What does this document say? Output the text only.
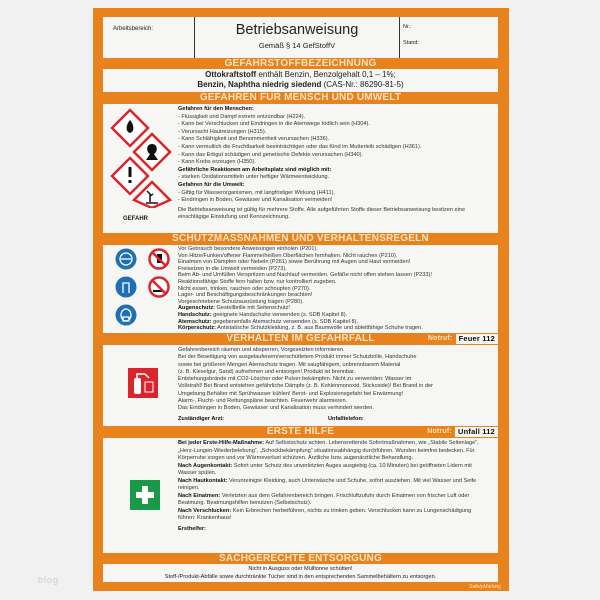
blog
Arbeitsbereich:	Betriebsanweisung
Gemäß § 14 GefStoffV
Nr.:
Stand:
GEFAHRSTOFFBEZEICHNUNG
Ottokraftstoff enthält Benzin, Benzolgehalt 0,1 – 1%;
Benzin, Naphtha niedrig siedend (CAS-Nr.: 86290-81-5)
GEFAHREN FÜR MENSCH UND UMWELT
GEFAHR
Gefahren für den Menschen:
- Flüssigkeit und Dampf extrem entzündbar (H224).
- Kann bei Verschlucken und Eindringen in die Atemwege tödlich sein (H304).
- Verursacht Hautreizungen (H315).
- Kann Schläfrigkeit und Benommenheit verursachen (H336).
- Kann vermutlich die Fruchtbarkeit beeinträchtigen oder das Kind im Mutterleib schädigen (H361).
- Kann das Erbgut schädigen und genetische Defekte verursachen (H340).
- Kann Krebs erzeugen (H350).
Gefährliche Reaktionen am Arbeitsplatz sind möglich mit:
- starken Oxidationsmitteln unter heftiger Wärmeentwicklung.
Gefahren für die Umwelt:
- Giftig für Wasserorganismen, mit langfristiger Wirkung (H411).
- Eindringen in Boden, Gewässer und Kanalisation vermeiden!
Die Betriebsanweisung ist gültig für mehrere Stoffe. Alle aufgeführten Stoffe dieser Betriebsanweisung besitzen eine einschlägige Einstufung und Kennzeichnung.
SCHUTZMASSNAHMEN UND VERHALTENSREGELN
Vor Gebrauch besondere Anweisungen einholen (P201).
Von Hitze/Funken/offener Flamme/heißen Oberflächen fernhalten. Nicht rauchen (P210).
Einatmen von Dämpfen oder Nebeln (P261) sowie Berührung mit Augen und Haut vermeiden!
Freisetzen in die Umwelt vermeiden (P273).
Beim Ab- und Umfüllen Verspritzen und Nachlauf vermeiden. Gefäße nicht offen stehen lassen (P233)!
Reaktionsfähige Stoffe fern halten bzw. nur kontrolliert zugeben.
Nicht essen, trinken, rauchen oder schnupfen (P270).
Lager- und Beschäftigungsbeschränkungen beachten!
Vorgeschriebene Schutzausrüstung tragen (P280).
Augenschutz: Gestellbrille mit Seitenschutz!
Handschutz: geeignete Handschuhe verwenden (s. SDB Kapitel 8).
Atemschutz: gegebenenfalls Atemschutz verwenden (s. SDB Kapitel 8).
Körperschutz: Antistatische Schutzkleidung, z. B. aus Baumwolle und ableitfähige Schuhe tragen.
VERHALTEN IM GEFAHRFALL	Notruf: Feuer 112
Gefahrenbereich räumen und absperren, Vorgesetzten informieren.
Bei der Beseitigung von ausgelaufenem/verschüttetem Produkt immer Schutzbrille, Handschuhe
sowie bei größeren Mengen Atemschutz tragen. Mit saugfähigem, unbrennbarem Material
(z. B. Kieselgur, Sand) aufnehmen und entsorgen! Produkt ist brennbar.
Entstehungsbrände mit CO2-Löscher oder Pulver bekämpfen. Nicht zu verwenden: Wasser im
Vollstrahl! Bei Brand entstehen gefährliche Dämpfe (z. B. Kohlenmonoxid, Stickoxide)! Bei Brand in der
Umgebung Behälter mit Sprühwasser kühlen! Berst- und Explosionsgefahr bei Erwärmung!
Alarm-, Flucht- und Rettungspläne beachten. Feuerwehr alarmieren.
Das Eindringen in Boden, Gewässer und Kanalisation muss verhindert werden.
Zuständiger Arzt:	Unfalltelefon:
ERSTE HILFE	Notruf: Unfall 112
Bei jeder Erste-Hilfe-Maßnahme: Auf Selbstschutz achten. Lebensrettende Sofortmaßnahmen, wie „Stabile Seitenlage“, „Herz-Lungen-Wiederbelebung“, „Schockbekämpfung“ situationsabhängig durchführen. Wunden keimfrei bedecken. Für Körperruhe sorgen und vor Wärmeverlust schützen. Ärztliche bzw. augenärztliche Behandlung.
Nach Augenkontakt: Sofort unter Schutz des unverletzten Auges ausgiebig (ca. 10 Minuten) bei geöffneten Lidern mit Wasser spülen.
Nach Hautkontakt: Verunreinigte Kleidung, auch Unterwäsche und Schuhe, sofort ausziehen. Mit viel Wasser und Seife reinigen.
Nach Einatmen: Verletzten aus dem Gefahrenbereich bringen. Frischluftzufuhr durch Einatmen von frischer Luft oder Beatmung. Beatmungshilfen benutzen (Selbstschutz).
Nach Verschlucken: Kein Erbrechen herbeiführen, nichts zu trinken geben. Verschlucken kann zu Lungenschädigung führen: Krankenhaus!
Ersthelfer:
SACHGERECHTE ENTSORGUNG
Nicht in Ausguss oder Mülltonne schütten!
Stoff-/Produkt-Abfälle sowie durchtränkte Tücher sind in den entsprechenden Sammelbehältern zu entsorgen.
SafetyMarking
